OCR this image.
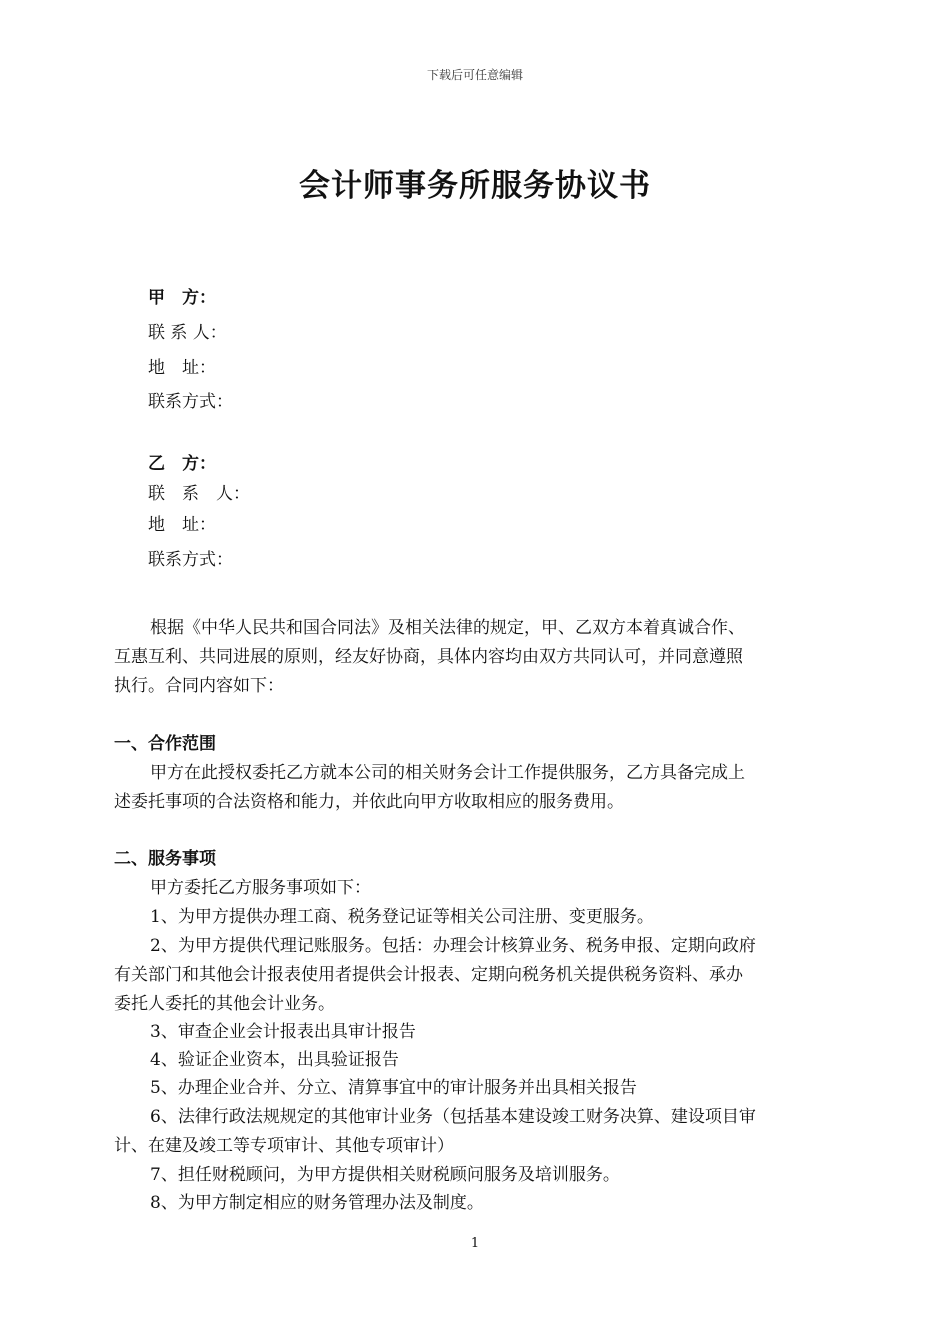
下载后可任意编辑
会计师事务所服务协议书
甲　方：
联 系 人：
地　址：
联系方式：
乙　方：
联　系　人：
地　址：
联系方式：
根据《中华人民共和国合同法》及相关法律的规定，甲、乙双方本着真诚合作、
互惠互利、共同进展的原则，经友好协商，具体内容均由双方共同认可，并同意遵照
执行。合同内容如下：
一、合作范围
甲方在此授权委托乙方就本公司的相关财务会计工作提供服务，乙方具备完成上
述委托事项的合法资格和能力，并依此向甲方收取相应的服务费用。
二、服务事项
甲方委托乙方服务事项如下：
1、为甲方提供办理工商、税务登记证等相关公司注册、变更服务。
2、为甲方提供代理记账服务。包括：办理会计核算业务、税务申报、定期向政府
有关部门和其他会计报表使用者提供会计报表、定期向税务机关提供税务资料、承办
委托人委托的其他会计业务。
3、审查企业会计报表出具审计报告
4、验证企业资本，出具验证报告
5、办理企业合并、分立、清算事宜中的审计服务并出具相关报告
6、法律行政法规规定的其他审计业务（包括基本建设竣工财务决算、建设项目审
计、在建及竣工等专项审计、其他专项审计）
7、担任财税顾问，为甲方提供相关财税顾问服务及培训服务。
8、为甲方制定相应的财务管理办法及制度。
1
